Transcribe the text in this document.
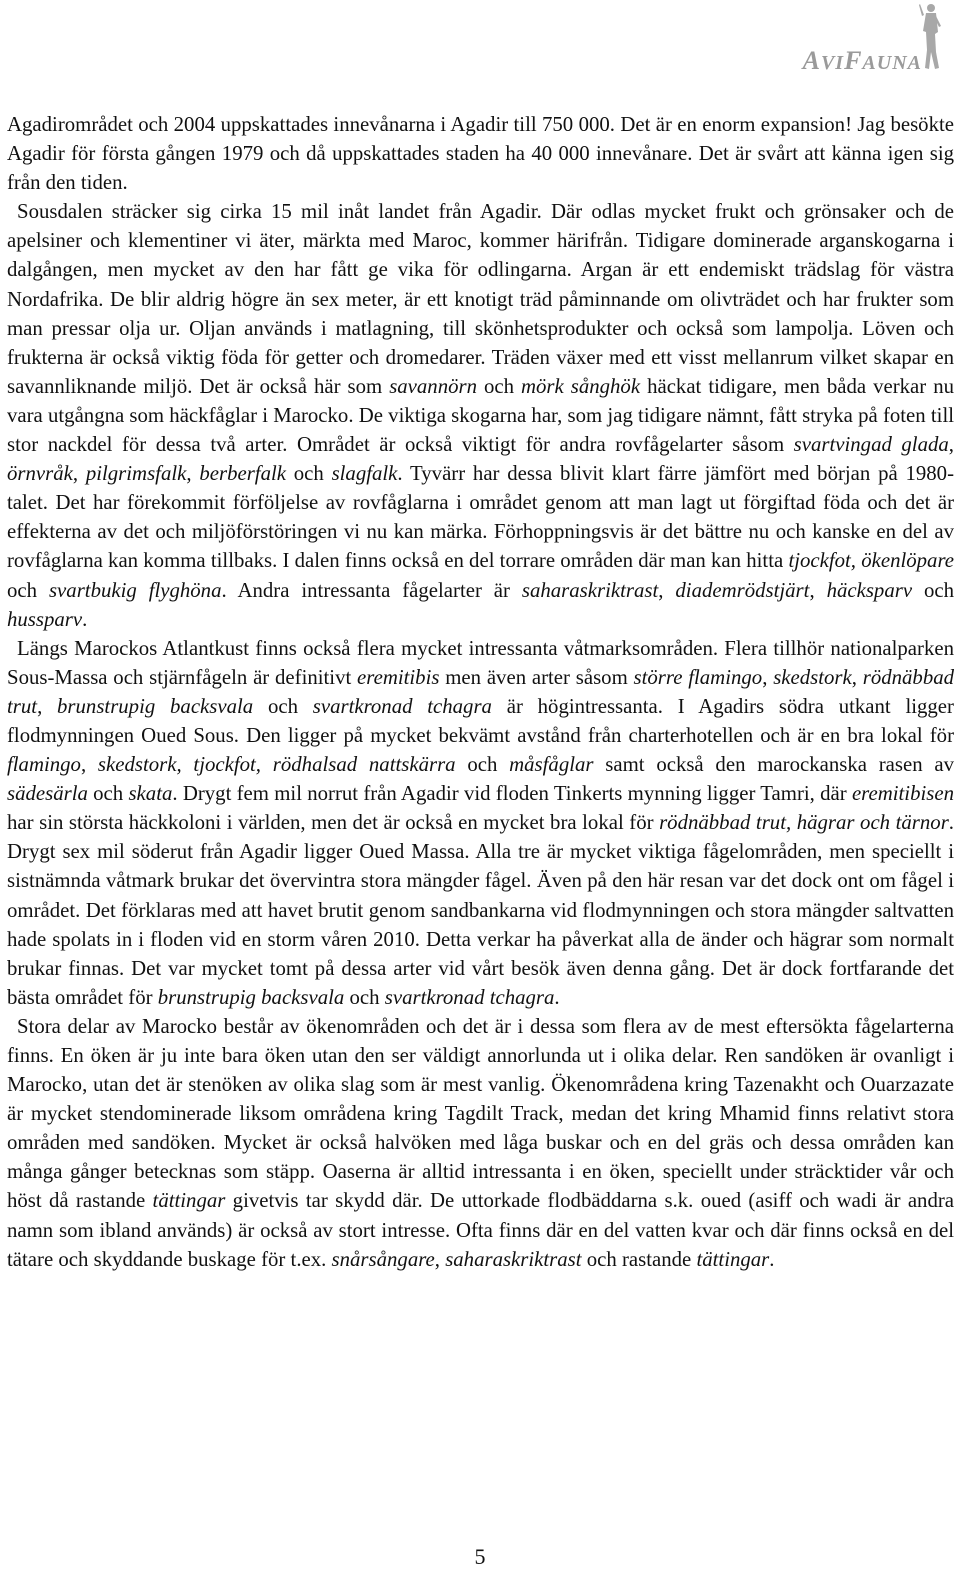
AVIFAUNA

Agadirområdet och 2004 uppskattades innevånarna i Agadir till 750 000. Det är en enorm expansion! Jag besökte Agadir för första gången 1979 och då uppskattades staden ha 40 000 innevånare. Det är svårt att känna igen sig från den tiden.

Sousdalen sträcker sig cirka 15 mil inåt landet från Agadir. Där odlas mycket frukt och grönsaker och de apelsiner och klementiner vi äter, märkta med Maroc, kommer härifrån. Tidigare dominerade arganskogarna i dalgången, men mycket av den har fått ge vika för odlingarna. Argan är ett endemiskt trädslag för västra Nordafrika. De blir aldrig högre än sex meter, är ett knotigt träd påminnande om olivträdet och har frukter som man pressar olja ur. Oljan används i matlagning, till skönhetsprodukter och också som lampolja. Löven och frukterna är också viktig föda för getter och dromedarer. Träden växer med ett visst mellanrum vilket skapar en savannliknande miljö. Det är också här som savannörn och mörk sånghök häckat tidigare, men båda verkar nu vara utgångna som häckfåglar i Marocko. De viktiga skogarna har, som jag tidigare nämnt, fått stryka på foten till stor nackdel för dessa två arter. Området är också viktigt för andra rovfågelarter såsom svartvingad glada, örnvråk, pilgrimsfalk, berberfalk och slagfalk. Tyvärr har dessa blivit klart färre jämfört med början på 1980-talet. Det har förekommit förföljelse av rovfåglarna i området genom att man lagt ut förgiftad föda och det är effekterna av det och miljöförstöringen vi nu kan märka. Förhoppningsvis är det bättre nu och kanske en del av rovfåglarna kan komma tillbaks. I dalen finns också en del torrare områden där man kan hitta tjockfot, ökenlöpare och svartbukig flyghöna. Andra intressanta fågelarter är saharaskriktrast, diademrödstjärt, häcksparv och hussparv.

Längs Marockos Atlantkust finns också flera mycket intressanta våtmarksområden. Flera tillhör nationalparken Sous-Massa och stjärnfågeln är definitivt eremitibis men även arter såsom större flamingo, skedstork, rödnäbbad trut, brunstrupig backsvala och svartkronad tchagra är högintressanta. I Agadirs södra utkant ligger flodmynningen Oued Sous. Den ligger på mycket bekvämt avstånd från charterhotellen och är en bra lokal för flamingo, skedstork, tjockfot, rödhalsad nattskärra och måsfåglar samt också den marockanska rasen av sädesärla och skata. Drygt fem mil norrut från Agadir vid floden Tinkerts mynning ligger Tamri, där eremitibisen har sin största häckkoloni i världen, men det är också en mycket bra lokal för rödnäbbad trut, hägrar och tärnor. Drygt sex mil söderut från Agadir ligger Oued Massa. Alla tre är mycket viktiga fågelområden, men speciellt i sistnämnda våtmark brukar det övervintra stora mängder fågel. Även på den här resan var det dock ont om fågel i området. Det förklaras med att havet brutit genom sandbankarna vid flodmynningen och stora mängder saltvatten hade spolats in i floden vid en storm våren 2010. Detta verkar ha påverkat alla de änder och hägrar som normalt brukar finnas. Det var mycket tomt på dessa arter vid vårt besök även denna gång. Det är dock fortfarande det bästa området för brunstrupig backsvala och svartkronad tchagra.

Stora delar av Marocko består av ökenområden och det är i dessa som flera av de mest eftersökta fågelarterna finns. En öken är ju inte bara öken utan den ser väldigt annorlunda ut i olika delar. Ren sandöken är ovanligt i Marocko, utan det är stenöken av olika slag som är mest vanlig. Ökenområdena kring Tazenakht och Ouarzazate är mycket stendominerade liksom områdena kring Tagdilt Track, medan det kring Mhamid finns relativt stora områden med sandöken. Mycket är också halvöken med låga buskar och en del gräs och dessa områden kan många gånger betecknas som stäpp. Oaserna är alltid intressanta i en öken, speciellt under sträcktider vår och höst då rastande tättingar givetvis tar skydd där. De uttorkade flodbäddarna s.k. oued (asiff och wadi är andra namn som ibland används) är också av stort intresse. Ofta finns där en del vatten kvar och där finns också en del tätare och skyddande buskage för t.ex. snårsångare, saharaskriktrast och rastande tättingar.

5
